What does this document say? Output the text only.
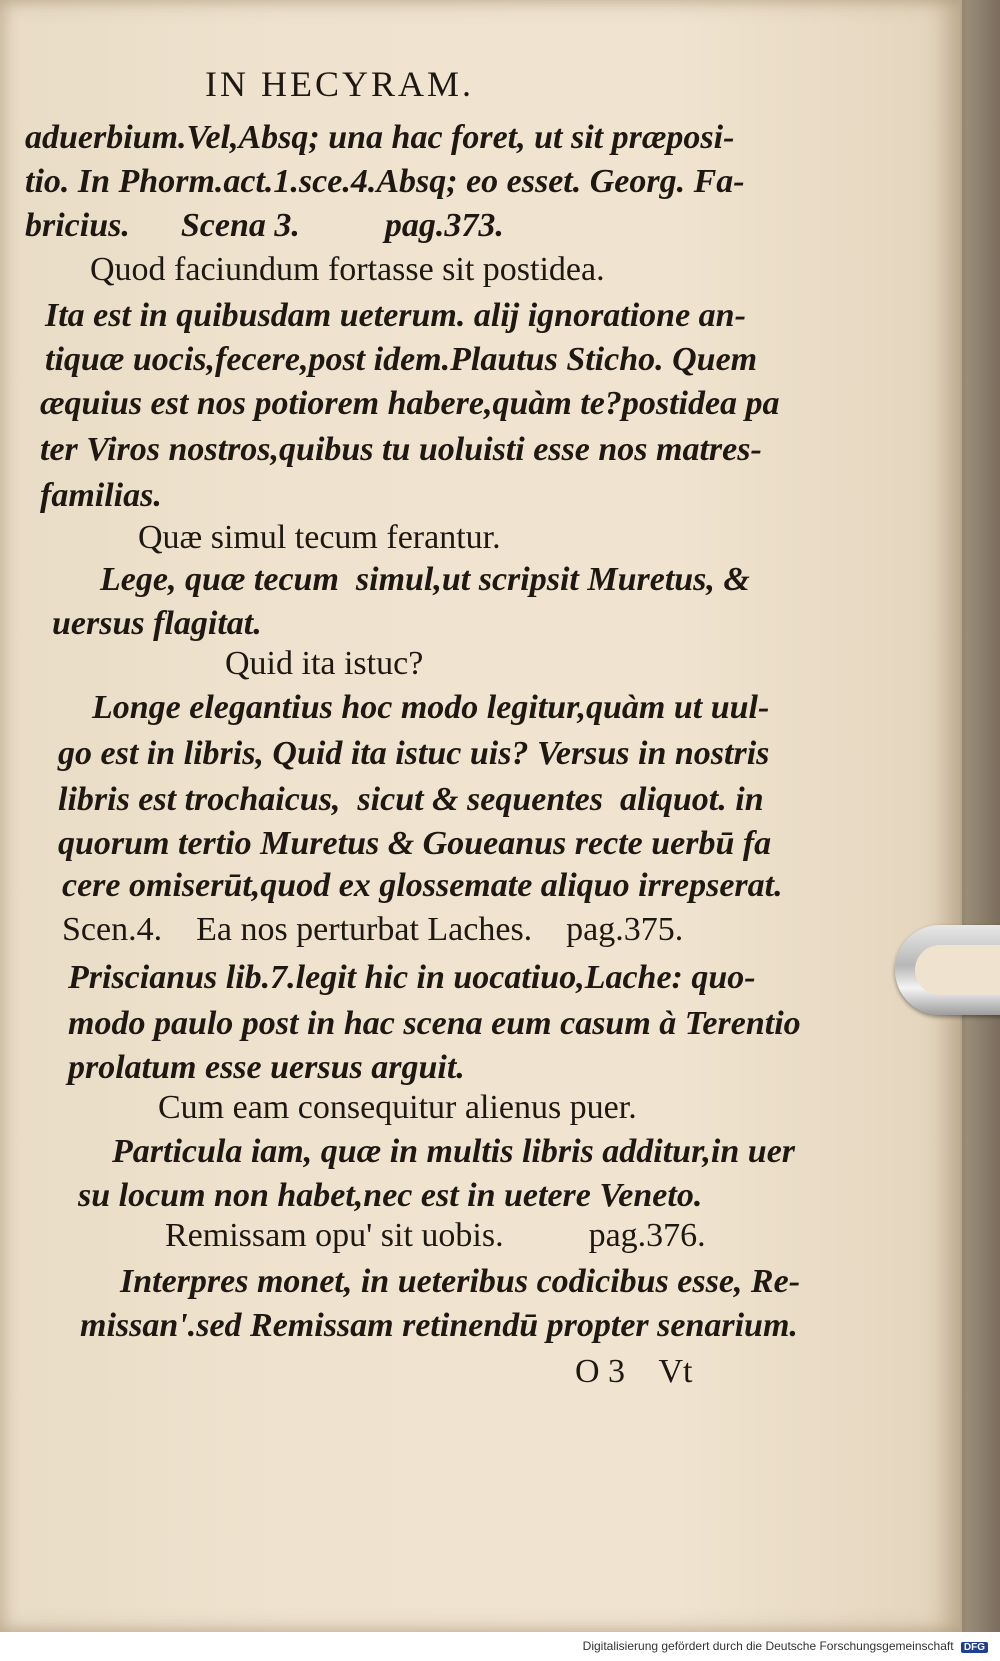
IN HECYRAM.
aduerbium.Vel,Absq; una hac foret, ut sit præposi-
tio. In Phorm.act.1.sce.4.Absq; eo esset. Georg. Fa-
bricius.      Scena 3.          pag.373.
Quod faciundum fortasse sit postidea.
Ita est in quibusdam ueterum. alij ignoratione an-
tiquæ uocis,fecere,post idem.Plautus Sticho. Quem
æquius est nos potiorem habere,quàm te?postidea pa
ter Viros nostros,quibus tu uoluisti esse nos matres-
familias.
Quæ simul tecum ferantur.
Lege, quæ tecum  simul,ut scripsit Muretus, &
uersus flagitat.
Quid ita istuc?
Longe elegantius hoc modo legitur,quàm ut uul-
go est in libris, Quid ita istuc uis? Versus in nostris
libris est trochaicus,  sicut & sequentes  aliquot. in
quorum tertio Muretus & Goueanus recte uerbū fa
cere omiserūt,quod ex glossemate aliquo irrepserat.
Scen.4.    Ea nos perturbat Laches.    pag.375.
Priscianus lib.7.legit hic in uocatiuo,Lache: quo-
modo paulo post in hac scena eum casum à Terentio
prolatum esse uersus arguit.
Cum eam consequitur alienus puer.
Particula iam, quæ in multis libris additur,in uer
su locum non habet,nec est in uetere Veneto.
Remissam opu' sit uobis.          pag.376.
Interpres monet, in ueteribus codicibus esse, Re-
missan'.sed Remissam retinendū propter senarium.
O 3    Vt
Digitalisierung gefördert durch die Deutsche Forschungsgemeinschaft DFG
